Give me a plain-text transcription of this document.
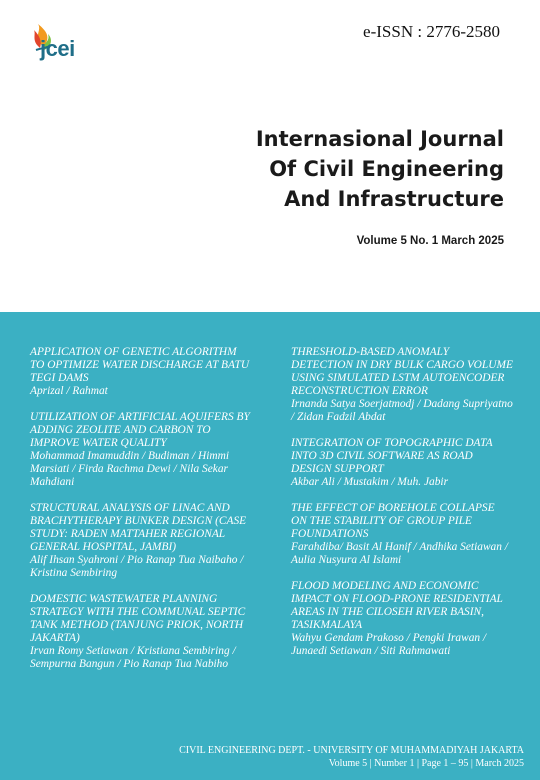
jcei
e-ISSN : 2776-2580
Internasional Journal
Of Civil Engineering
And Infrastructure
Volume 5 No. 1 March 2025
APPLICATION OF GENETIC ALGORITHM TO OPTIMIZE WATER DISCHARGE AT BATU TEGI DAMS
Aprizal / Rahmat
UTILIZATION OF ARTIFICIAL AQUIFERS BY ADDING ZEOLITE AND CARBON TO IMPROVE WATER QUALITY
Mohammad Imamuddin / Budiman / Himmi Marsiati / Firda Rachma Dewi / Nila Sekar Mahdiani
STRUCTURAL ANALYSIS OF LINAC AND BRACHYTHERAPY BUNKER DESIGN (CASE STUDY: RADEN MATTAHER REGIONAL GENERAL HOSPITAL, JAMBI)
Alif Ihsan Syahroni / Pio Ranap Tua Naibaho / Kristina Sembiring
DOMESTIC WASTEWATER PLANNING STRATEGY WITH THE COMMUNAL SEPTIC TANK METHOD (TANJUNG PRIOK, NORTH JAKARTA)
Irvan Romy Setiawan / Kristiana Sembiring / Sempurna Bangun / Pio Ranap Tua Nabiho
THRESHOLD-BASED ANOMALY DETECTION IN DRY BULK CARGO VOLUME USING SIMULATED LSTM AUTOENCODER RECONSTRUCTION ERROR
Irnanda Satya Soerjatmodj / Dadang Supriyatno / Zidan Fadzil Abdat
INTEGRATION OF TOPOGRAPHIC DATA INTO 3D CIVIL SOFTWARE AS ROAD DESIGN SUPPORT
Akbar Ali / Mustakim / Muh. Jabir
THE EFFECT OF BOREHOLE COLLAPSE ON THE STABILITY OF GROUP PILE FOUNDATIONS
Farahdiba/ Basit Al Hanif / Andhika Setiawan / Aulia Nusyura Al Islami
FLOOD MODELING AND ECONOMIC IMPACT ON FLOOD-PRONE RESIDENTIAL AREAS IN THE CILOSEH RIVER BASIN, TASIKMALAYA
Wahyu Gendam Prakoso / Pengki Irawan / Junaedi Setiawan / Siti Rahmawati
CIVIL ENGINEERING DEPT. - UNIVERSITY OF MUHAMMADIYAH JAKARTA
Volume 5 | Number 1 | Page 1 – 95 | March 2025
